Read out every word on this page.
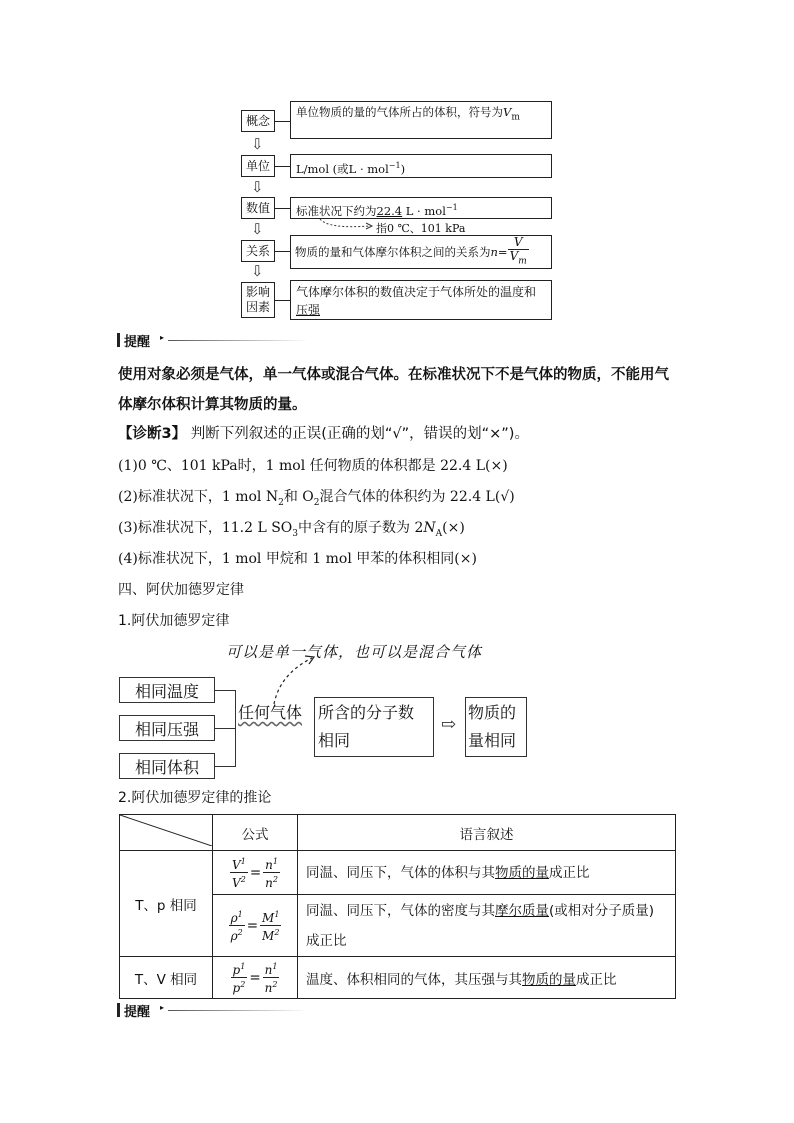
概念
单位物质的量的气体所占的体积，符号为$V_m$
⇩
单位	L/mol (或L · mol$^{-1}$)
⇩
数值	标准状况下约为22.4 L · mol$^{-1}$
指0 ℃、101 kPa
⇩
关系	物质的量和气体摩尔体积之间的关系为 $n = \frac{V}{V_m}$
⇩
影响
因素
气体摩尔体积的数值决定于气体所处的温度和压强
提醒 ▸
使用对象必须是气体，单一气体或混合气体。在标准状况下不是气体的物质，不能用气体摩尔体积计算其物质的量。
【诊断3】 判断下列叙述的正误(正确的划“√”，错误的划“×”)。
(1)0 ℃、101 kPa时，1 mol 任何物质的体积都是 22.4 L(×)
(2)标准状况下，1 mol $N_2$和 $O_2$混合气体的体积约为 22.4 L(√)
(3)标准状况下，11.2 L $SO_3$中含有的原子数为 $2N_A(\times)$
(4)标准状况下，1 mol 甲烷和 1 mol 甲苯的体积相同(×)
四、阿伏加德罗定律
1.阿伏加德罗定律
可以是单一气体，也可以是混合气体
相同温度
相同压强
相同体积
任何气体 所含的分子数
相同
⇨
物质的
量相同
2.阿伏加德罗定律的推论
	公式	语言叙述
T、p 相同	$\frac{V^1}{V^2} = \frac{n^1}{n^2}$	同温、同压下，气体的体积与其物质的量成正比

	$\frac{\rho^1}{\rho^2} = \frac{M^1}{M^2}$	同温、同压下，气体的密度与其摩尔质量(或相对分子质量)成正比
T、V 相同	$\frac{p^1}{p^2} = \frac{n^1}{n^2}$	温度、体积相同的气体，其压强与其物质的量成正比
提醒 ▸
